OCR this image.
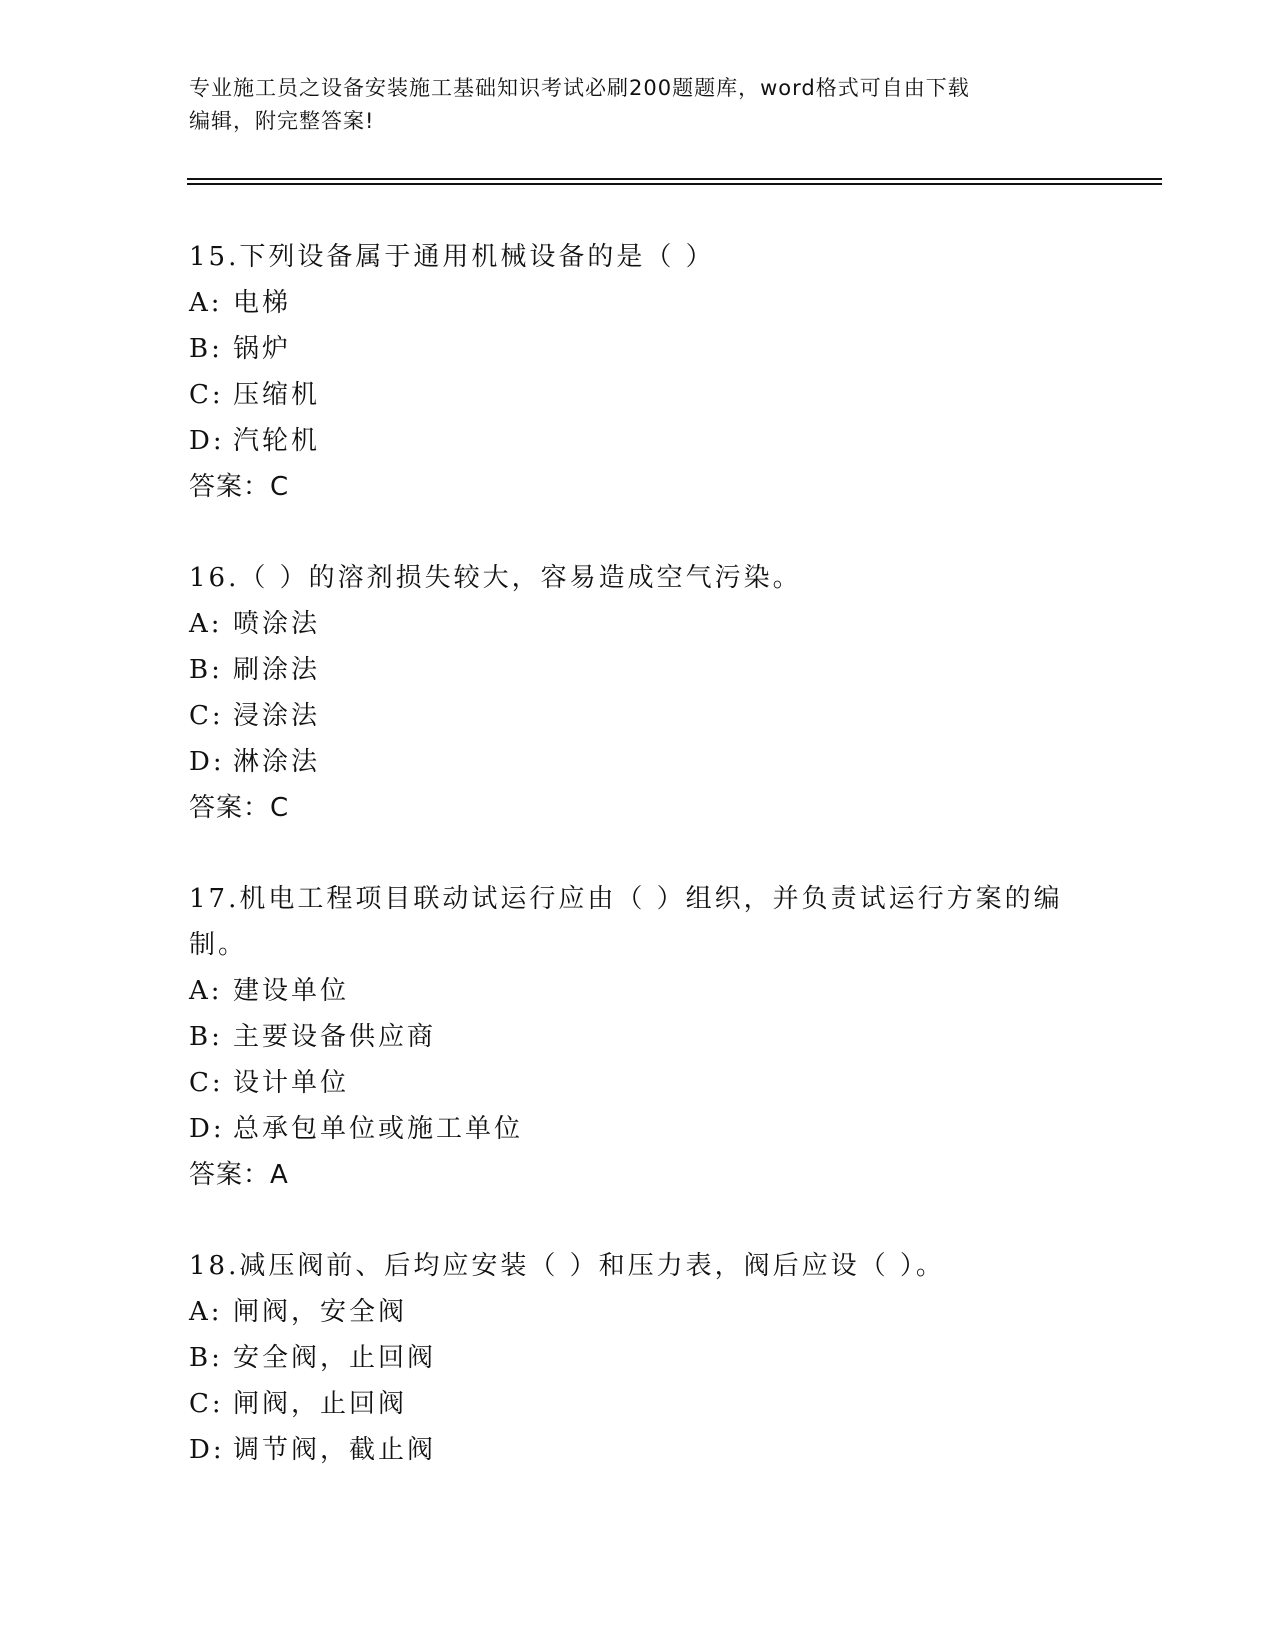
专业施工员之设备安装施工基础知识考试必刷200题题库，word格式可自由下载
编辑，附完整答案!
15.下列设备属于通用机械设备的是（ ）
A: 电梯
B: 锅炉
C: 压缩机
D: 汽轮机
答案：C
16.（ ）的溶剂损失较大，容易造成空气污染。
A: 喷涂法
B: 刷涂法
C: 浸涂法
D: 淋涂法
答案：C
17.机电工程项目联动试运行应由（ ）组织，并负责试运行方案的编
制。
A: 建设单位
B: 主要设备供应商
C: 设计单位
D: 总承包单位或施工单位
答案：A
18.减压阀前、后均应安装（ ）和压力表，阀后应设（ ）。
A: 闸阀，安全阀
B: 安全阀，止回阀
C: 闸阀，止回阀
D: 调节阀，截止阀
